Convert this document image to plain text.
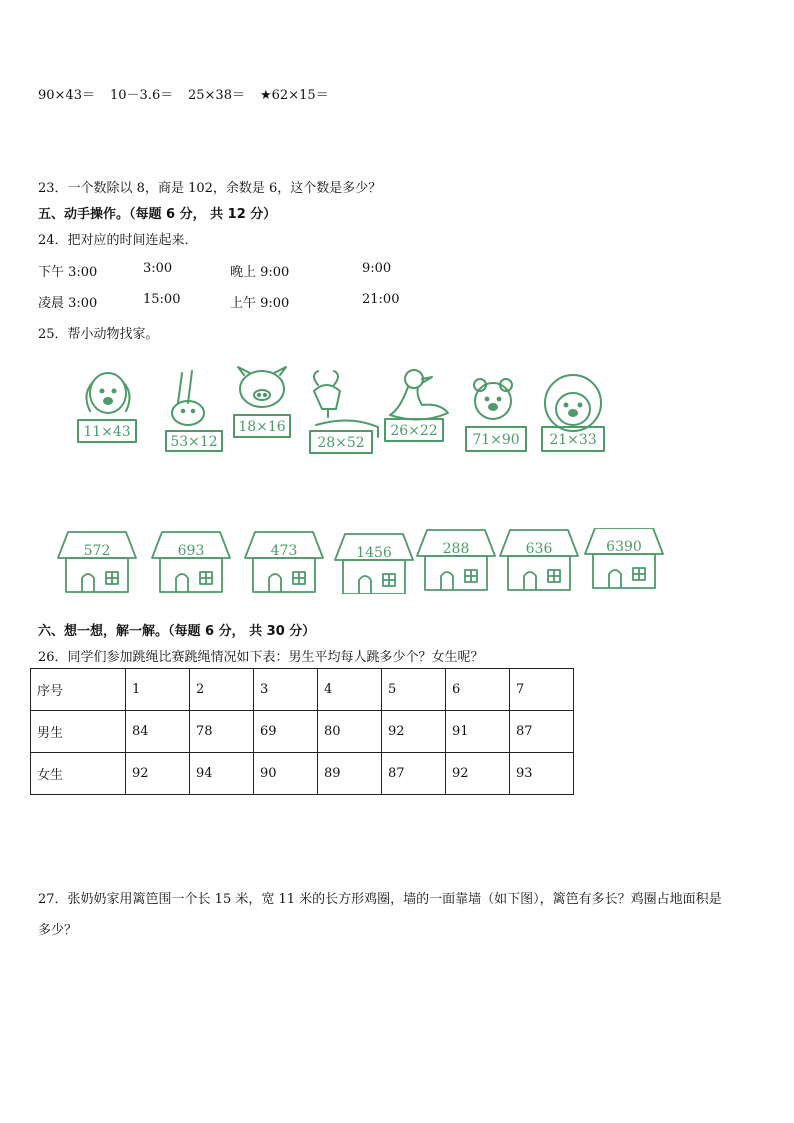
90×43＝ 10－3.6＝ 25×38＝ ★62×15＝
23．一个数除以 8，商是 102，余数是 6，这个数是多少？
五、动手操作。（每题 6 分， 共 12 分）
24．把对应的时间连起来．
下午 3:00	3:00	晚上 9:00	9:00
凌晨 3:00	15:00	上午 9:00	21:00
25．帮小动物找家。
11×43
53×12
18×16
28×52
26×22
71×90 21×33
572	693	473	1456	288	636	6390
六、想一想，解一解。（每题 6 分， 共 30 分）
26．同学们参加跳绳比赛跳绳情况如下表：男生平均每人跳多少个？女生呢？
序号	1	2	3	4	5	6	7
男生	84	78	69	80	92	91	87
女生	92	94	90	89	87	92	93
27．张奶奶家用篱笆围一个长 15 米，宽 11 米的长方形鸡圈，墙的一面靠墙（如下图），篱笆有多长？鸡圈占地面积是
多少？
